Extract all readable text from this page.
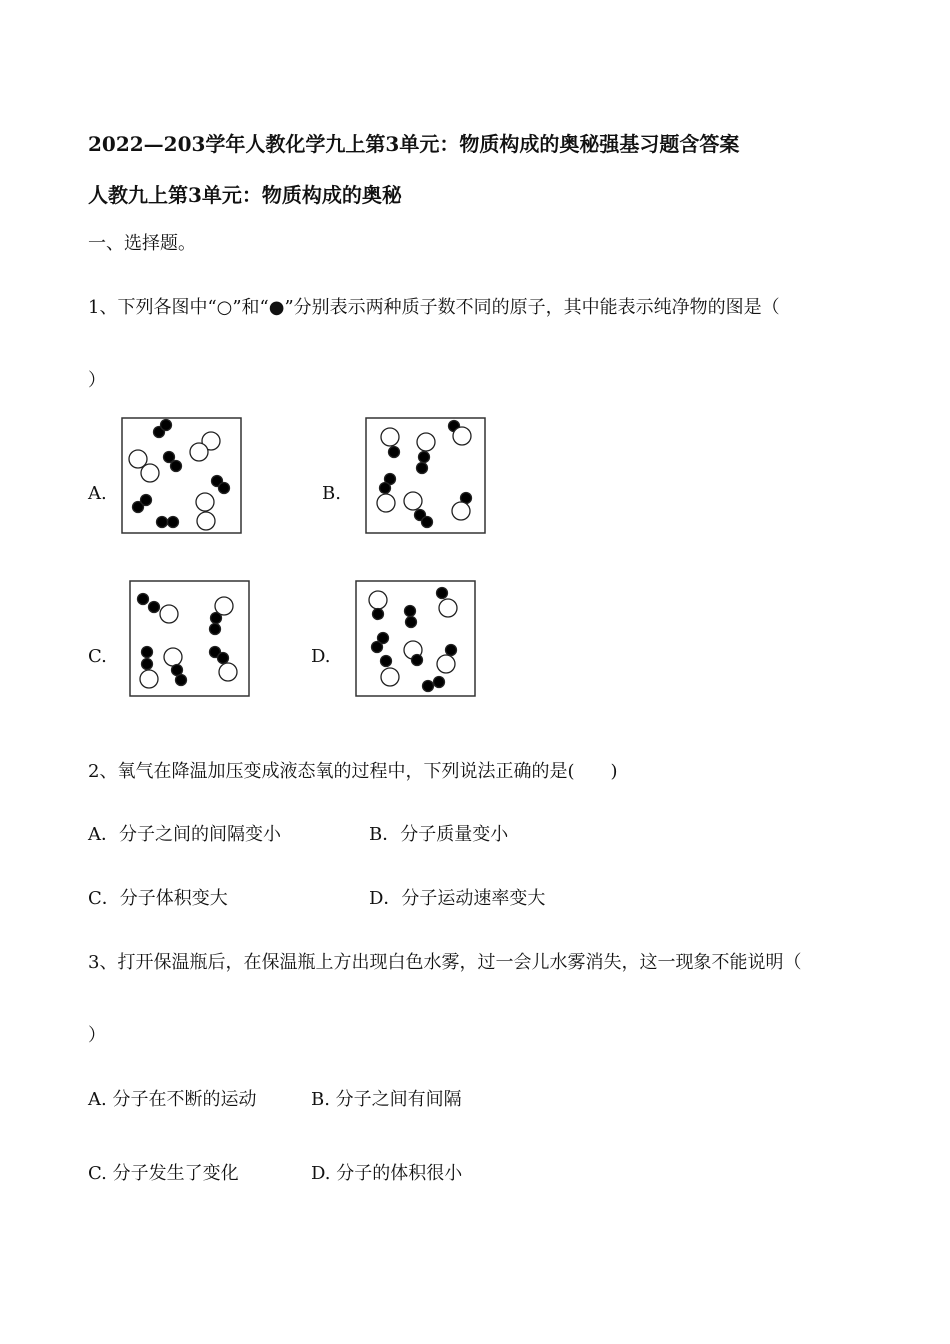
2022—203学年人教化学九上第3单元：物质构成的奥秘强基习题含答案
人教九上第3单元：物质构成的奥秘
一、选择题。
1、下列各图中“○”和“●”分别表示两种质子数不同的原子，其中能表示纯净物的图是（
）
A.	B.
C.	D.
2、氧气在降温加压变成液态氧的过程中，下列说法正确的是(　　)
A．分子之间的间隔变小	B．分子质量变小
C．分子体积变大	D．分子运动速率变大
3、打开保温瓶后，在保温瓶上方出现白色水雾，过一会儿水雾消失，这一现象不能说明（
）
A. 分子在不断的运动	B. 分子之间有间隔
C. 分子发生了变化	D. 分子的体积很小
